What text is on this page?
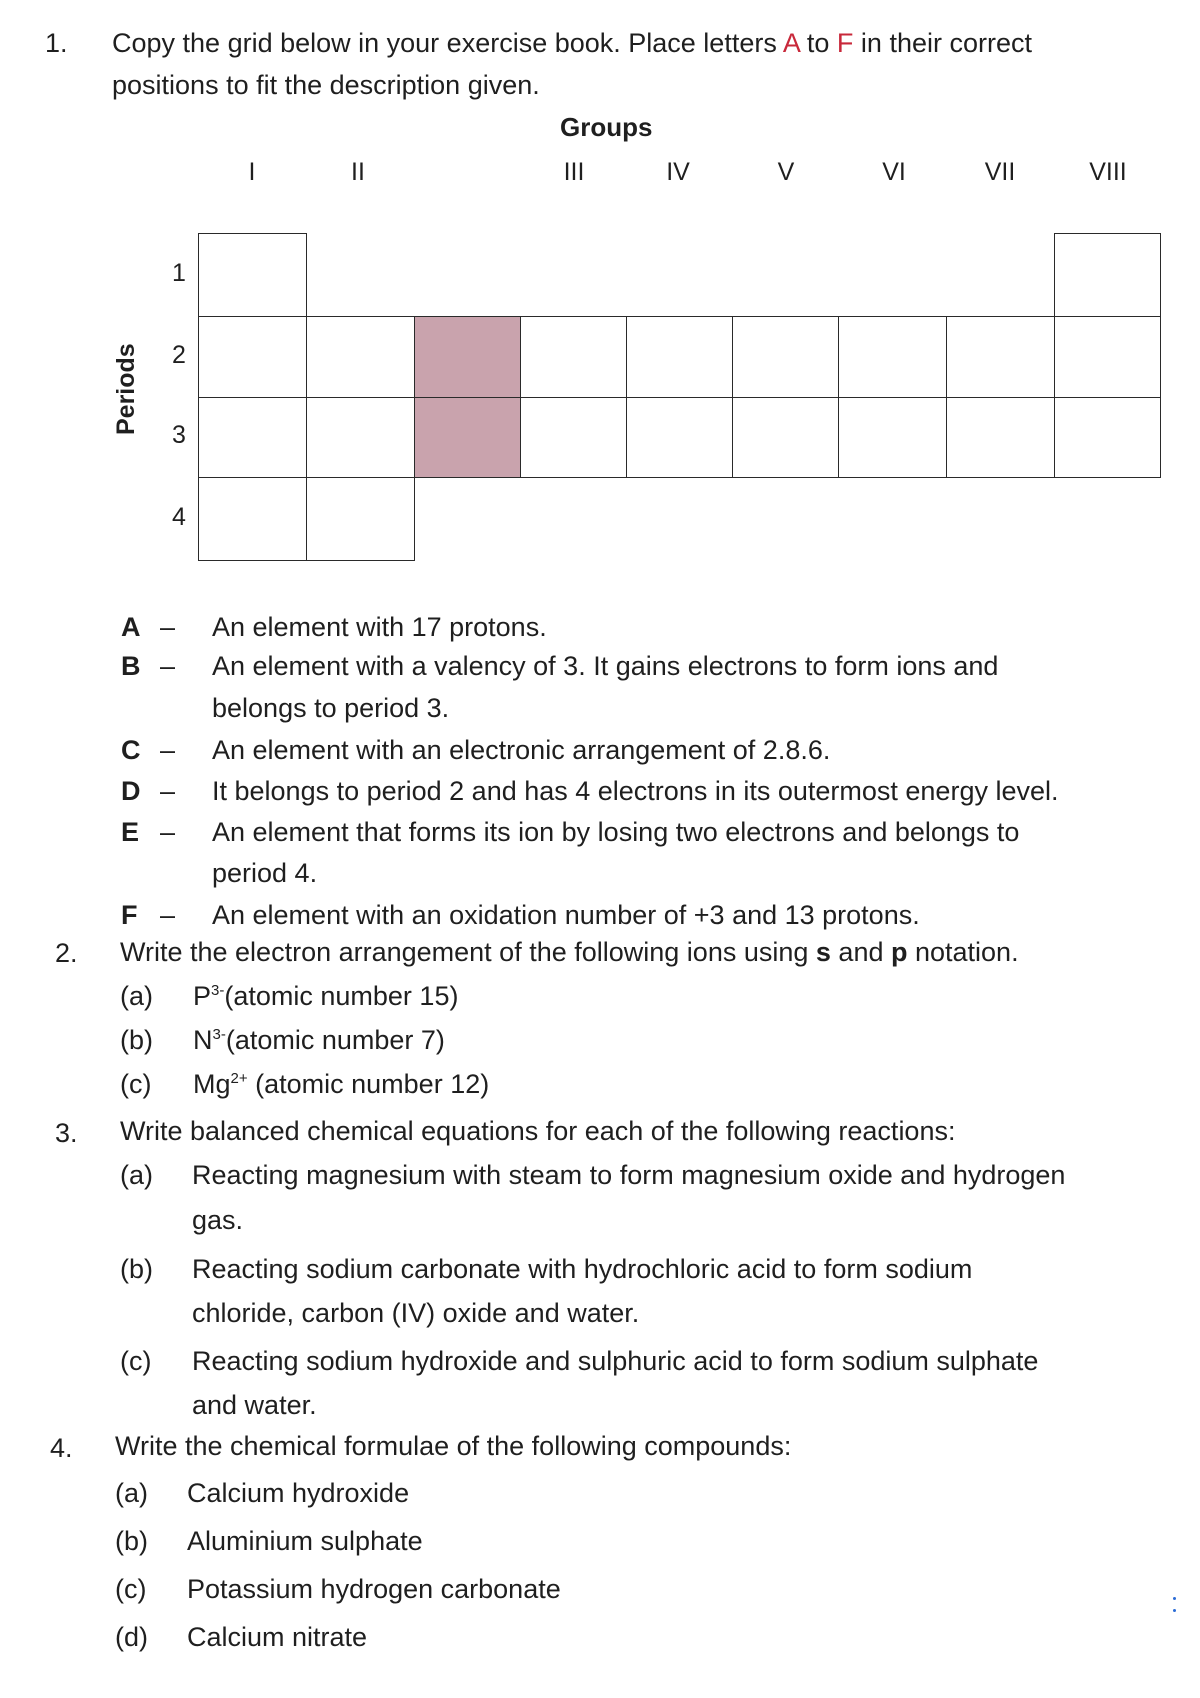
1. Copy the grid below in your exercise book. Place letters A to F in their correct
positions to fit the description given.
Groups
I	II	III	IV	V	VI	VII	VIII
Periods
1
2
3
4
A – An element with 17 protons.
B – An element with a valency of 3. It gains electrons to form ions and
belongs to period 3.
C – An element with an electronic arrangement of 2.8.6.
D – It belongs to period 2 and has 4 electrons in its outermost energy level.
E – An element that forms its ion by losing two electrons and belongs to
period 4.
F – An element with an oxidation number of +3 and 13 protons.
2. Write the electron arrangement of the following ions using s and p notation.
(a) $P^{3-}(atomic$ number 15)
(b) $N^{3-}(atomic$ number 7)
(c) $Mg^{2+}$ (atomic number 12)
3. Write balanced chemical equations for each of the following reactions:
(a) Reacting magnesium with steam to form magnesium oxide and hydrogen
gas.
(b) Reacting sodium carbonate with hydrochloric acid to form sodium
chloride, carbon (IV) oxide and water.
(c) Reacting sodium hydroxide and sulphuric acid to form sodium sulphate
and water.
4. Write the chemical formulae of the following compounds:
(a) Calcium hydroxide
(b) Aluminium sulphate
(c) Potassium hydrogen carbonate
(d) Calcium nitrate
